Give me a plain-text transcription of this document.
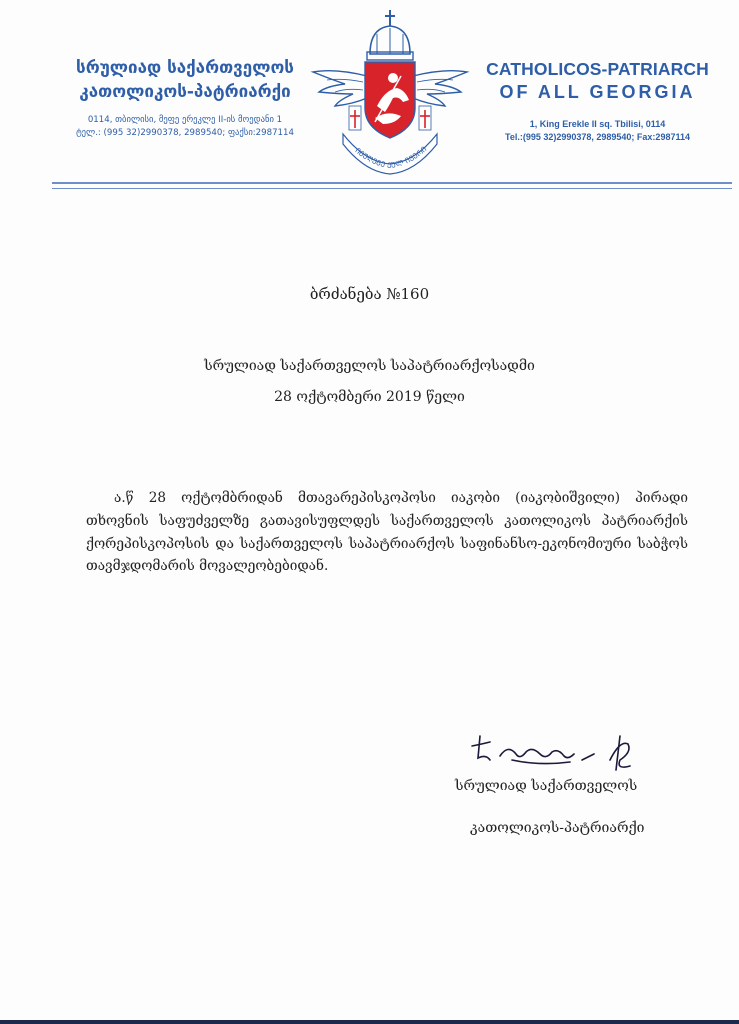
სრულიად საქართველოს
კათოლიკოს-პატრიარქი
0114, თბილისი, მეფე ერეკლე II-ის მოედანი 1
ტელ.: (995 32)2990378, 2989540; ფაქსი:2987114
ᲘᲛᲣᲦᲔᲒᲔ ᲔᲣᲚ ᲘᲕᲔᲠᲘ
CATHOLICOS-PATRIARCH
OF ALL GEORGIA
1, King Erekle II sq. Tbilisi, 0114
Tel.:(995 32)2990378, 2989540; Fax:2987114
ბრძანება №160
სრულიად საქართველოს საპატრიარქოსადმი
28 ოქტომბერი 2019 წელი
ა.წ 28 ოქტომბრიდან მთავარეპისკოპოსი იაკობი (იაკობიშვილი) პირადი თხოვნის საფუძველზე გათავისუფლდეს საქართველოს კათოლიკოს პატრიარქის ქორეპისკოპოსის და საქართველოს საპატრიარქოს საფინანსო-ეკონომიური საბჭოს თავმჯდომარის მოვალეობებიდან.
სრულიად საქართველოს
კათოლიკოს-პატრიარქი
